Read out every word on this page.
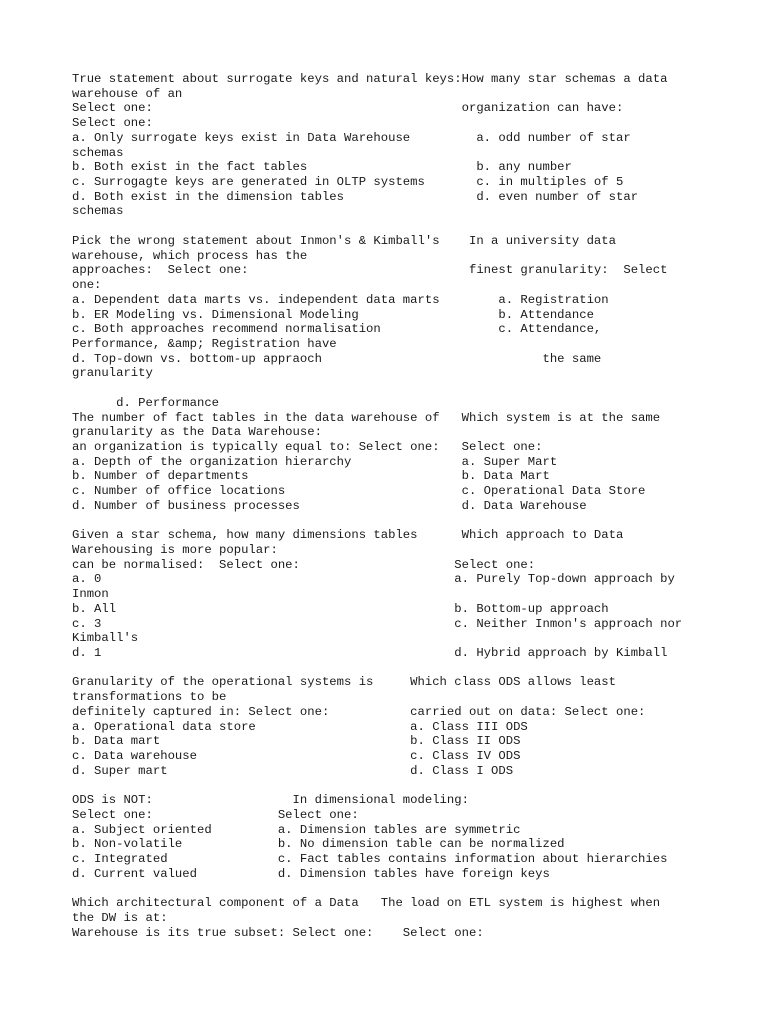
True statement about surrogate keys and natural keys:How many star schemas a data
warehouse of an
Select one:                                          organization can have:
Select one:
a. Only surrogate keys exist in Data Warehouse         a. odd number of star
schemas
b. Both exist in the fact tables                       b. any number
c. Surrogagte keys are generated in OLTP systems       c. in multiples of 5
d. Both exist in the dimension tables                  d. even number of star
schemas
Pick the wrong statement about Inmon's & Kimball's    In a university data
warehouse, which process has the
approaches:  Select one:                              finest granularity:  Select
one:
a. Dependent data marts vs. independent data marts        a. Registration
b. ER Modeling vs. Dimensional Modeling                   b. Attendance
c. Both approaches recommend normalisation                c. Attendance,
Performance, &amp; Registration have
d. Top-down vs. bottom-up appraoch                              the same
granularity
d. Performance
The number of fact tables in the data warehouse of   Which system is at the same
granularity as the Data Warehouse:
an organization is typically equal to: Select one:   Select one:
a. Depth of the organization hierarchy               a. Super Mart
b. Number of departments                             b. Data Mart
c. Number of office locations                        c. Operational Data Store
d. Number of business processes                      d. Data Warehouse
Given a star schema, how many dimensions tables      Which approach to Data
Warehousing is more popular:
can be normalised:  Select one:                     Select one:
a. 0                                                a. Purely Top-down approach by
Inmon
b. All                                              b. Bottom-up approach
c. 3                                                c. Neither Inmon's approach nor
Kimball's
d. 1                                                d. Hybrid approach by Kimball
Granularity of the operational systems is     Which class ODS allows least
transformations to be
definitely captured in: Select one:           carried out on data: Select one:
a. Operational data store                     a. Class III ODS
b. Data mart                                  b. Class II ODS
c. Data warehouse                             c. Class IV ODS
d. Super mart                                 d. Class I ODS
ODS is NOT:                   In dimensional modeling:
Select one:                 Select one:
a. Subject oriented         a. Dimension tables are symmetric
b. Non-volatile             b. No dimension table can be normalized
c. Integrated               c. Fact tables contains information about hierarchies
d. Current valued           d. Dimension tables have foreign keys
Which architectural component of a Data   The load on ETL system is highest when
the DW is at:
Warehouse is its true subset: Select one:    Select one:
